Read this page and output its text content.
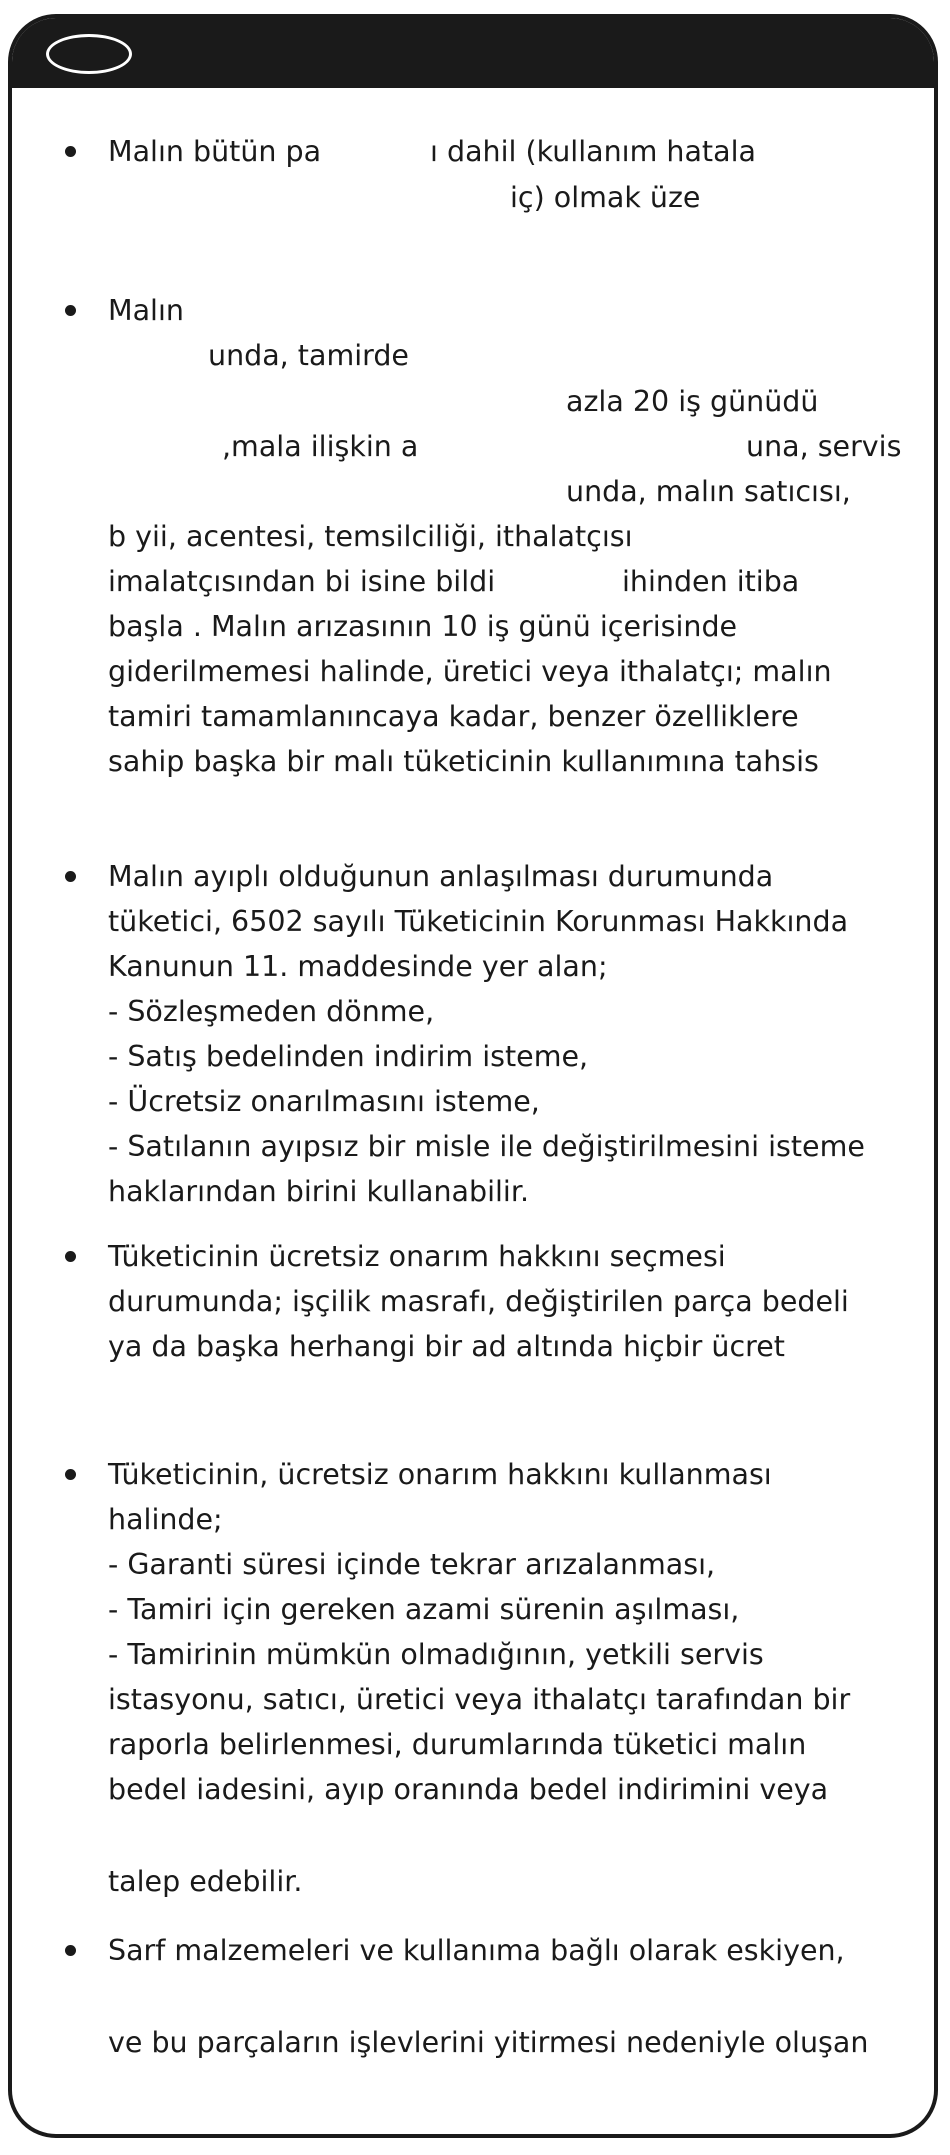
Malın bütün pa	ı dahil (kullanım hatala
iç) olmak üze
Malın
unda, tamirde
azla 20 iş günüdü
,mala ilişkin a	una, servis
unda, malın satıcısı,
b yii, acentesi, temsilciliği, ithalatçısı
imalatçısından bi isine bildi	ihinden itiba
başla . Malın arızasının 10 iş günü içerisinde
giderilmemesi halinde, üretici veya ithalatçı; malın
tamiri tamamlanıncaya kadar, benzer özelliklere
sahip başka bir malı tüketicinin kullanımına tahsis
Malın ayıplı olduğunun anlaşılması durumunda
tüketici, 6502 sayılı Tüketicinin Korunması Hakkında
Kanunun 11. maddesinde yer alan;
- Sözleşmeden dönme,
- Satış bedelinden indirim isteme,
- Ücretsiz onarılmasını isteme,
- Satılanın ayıpsız bir misle ile değiştirilmesini isteme
haklarından birini kullanabilir.
Tüketicinin ücretsiz onarım hakkını seçmesi
durumunda; işçilik masrafı, değiştirilen parça bedeli
ya da başka herhangi bir ad altında hiçbir ücret
Tüketicinin, ücretsiz onarım hakkını kullanması
halinde;
- Garanti süresi içinde tekrar arızalanması,
- Tamiri için gereken azami sürenin aşılması,
- Tamirinin mümkün olmadığının, yetkili servis
istasyonu, satıcı, üretici veya ithalatçı tarafından bir
raporla belirlenmesi, durumlarında tüketici malın
bedel iadesini, ayıp oranında bedel indirimini veya
talep edebilir.
Sarf malzemeleri ve kullanıma bağlı olarak eskiyen,
ve bu parçaların işlevlerini yitirmesi nedeniyle oluşan
